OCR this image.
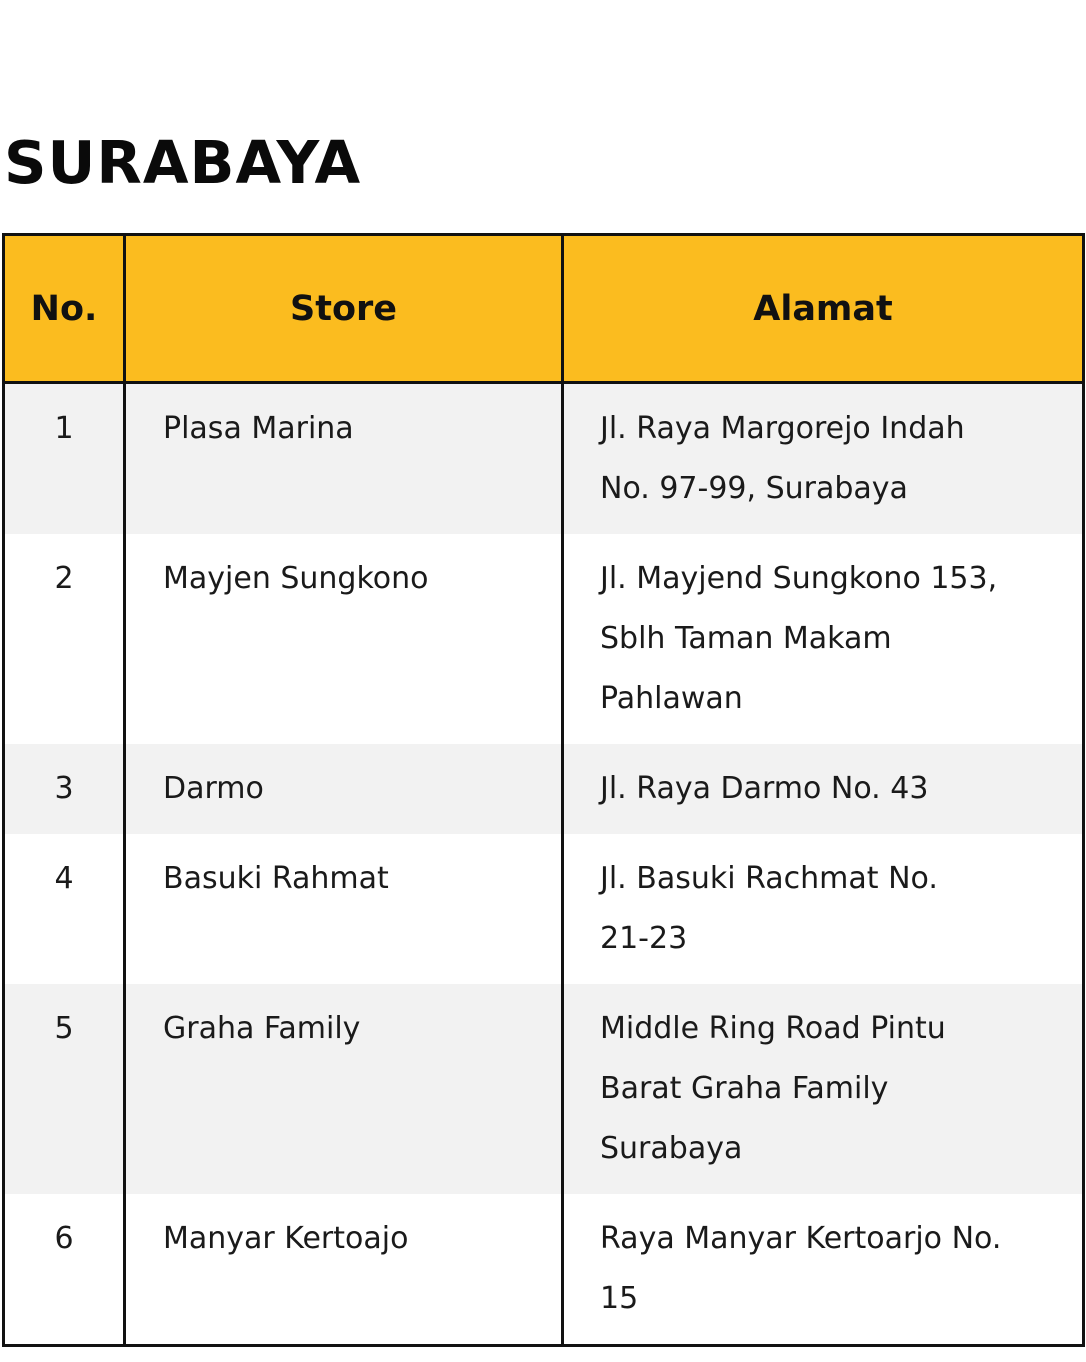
SURABAYA
No.	Store	Alamat
1	Plasa Marina	Jl. Raya Margorejo Indah
No. 97-99, Surabaya
2	Mayjen Sungkono	Jl. Mayjend Sungkono 153,
Sblh Taman Makam
Pahlawan
3	Darmo	Jl. Raya Darmo No. 43
4	Basuki Rahmat	Jl. Basuki Rachmat No.
21-23
5	Graha Family	Middle Ring Road Pintu
Barat Graha Family
Surabaya
6	Manyar Kertoajo	Raya Manyar Kertoarjo No.
15
